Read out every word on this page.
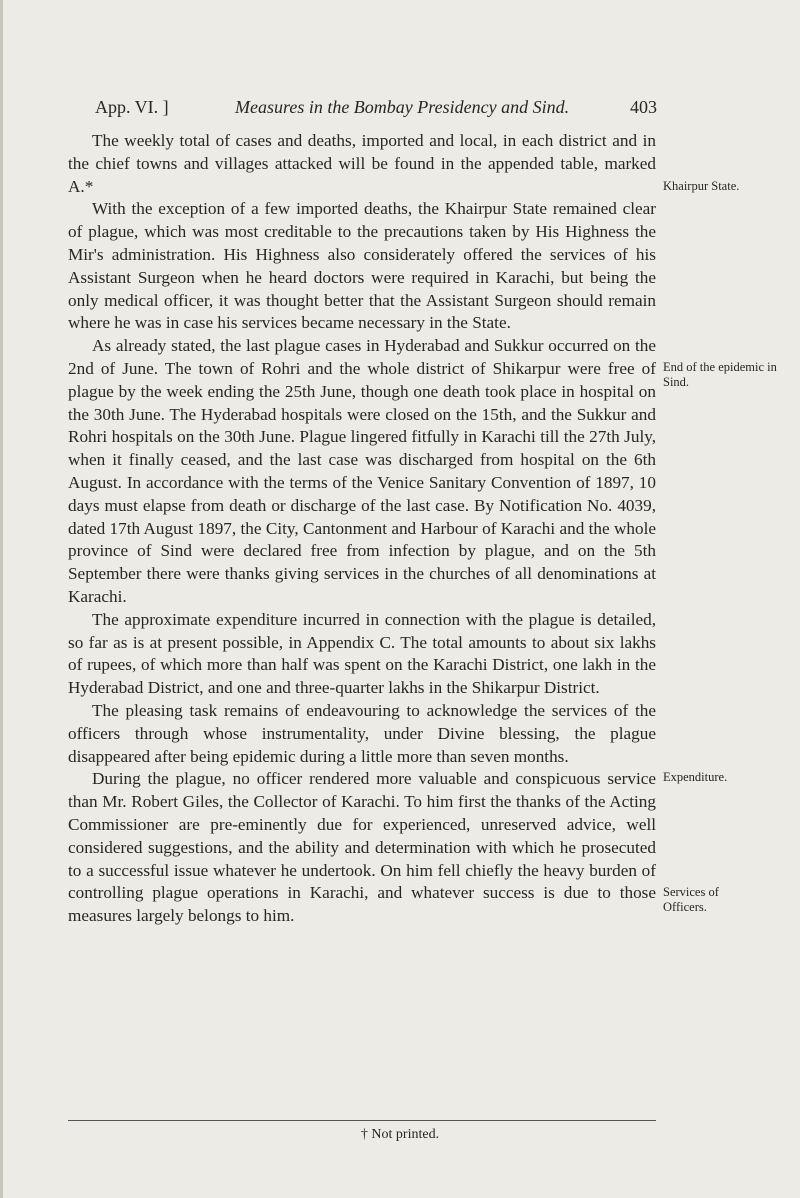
App. VI. ]	Measures in the Bombay Presidency and Sind.	403

The weekly total of cases and deaths, imported and local, in each district and in the chief towns and villages attacked will be found in the appended table, marked A.*

With the exception of a few imported deaths, the Khairpur State remained clear of plague, which was most creditable to the precautions taken by His Highness the Mir's administration. His Highness also considerately offered the services of his Assistant Surgeon when he heard doctors were required in Karachi, but being the only medical officer, it was thought better that the Assistant Surgeon should remain where he was in case his services became necessary in the State.

As already stated, the last plague cases in Hyderabad and Sukkur occurred on the 2nd of June. The town of Rohri and the whole district of Shikarpur were free of plague by the week ending the 25th June, though one death took place in hospital on the 30th June. The Hyderabad hospitals were closed on the 15th, and the Sukkur and Rohri hospitals on the 30th June. Plague lingered fitfully in Karachi till the 27th July, when it finally ceased, and the last case was discharged from hospital on the 6th August. In accordance with the terms of the Venice Sanitary Convention of 1897, 10 days must elapse from death or discharge of the last case. By Notification No. 4039, dated 17th August 1897, the City, Cantonment and Harbour of Karachi and the whole province of Sind were declared free from infection by plague, and on the 5th September there were thanks giving services in the churches of all denominations at Karachi.

The approximate expenditure incurred in connection with the plague is detailed, so far as is at present possible, in Appendix C. The total amounts to about six lakhs of rupees, of which more than half was spent on the Karachi District, one lakh in the Hyderabad District, and one and three-quarter lakhs in the Shikarpur District.

The pleasing task remains of endeavouring to acknowledge the services of the officers through whose instrumentality, under Divine blessing, the plague disappeared after being epidemic during a little more than seven months.

During the plague, no officer rendered more valuable and conspicuous service than Mr. Robert Giles, the Collector of Karachi. To him first the thanks of the Acting Commissioner are pre-eminently due for experienced, unreserved advice, well considered suggestions, and the ability and determination with which he prosecuted to a successful issue whatever he undertook. On him fell chiefly the heavy burden of controlling plague operations in Karachi, and whatever success is due to those measures largely belongs to him.

Khairpur State.
End of the epidemic in Sind.
Expenditure.
Services of Officers.
† Not printed.
